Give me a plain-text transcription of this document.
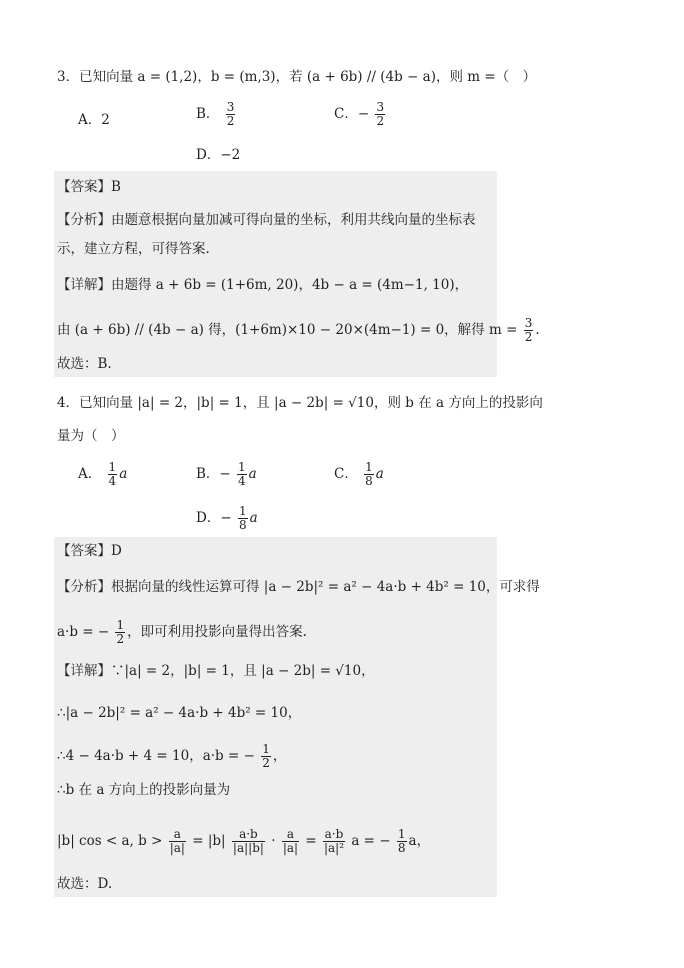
3．已知向量 a = (1,2)，b = (m,3)，若 (a + 6b) // (4b − a)，则 m =（　）
A．2	B． $\frac{3}{2}$	C．− $\frac{3}{2}$
D．−2
【答案】B
【分析】由题意根据向量加减可得向量的坐标，利用共线向量的坐标表
示，建立方程，可得答案.
【详解】由题得 a + 6b = (1+6m, 20)，4b − a = (4m−1, 10)，
由 (a + 6b) // (4b − a) 得，(1+6m)×10 − 20×(4m−1) = 0，解得 $m = \frac{3}{2}$ .
故选：B.
4．已知向量 |a| = 2，|b| = 1，且 |a − 2b| = √10，则 b 在 a 方向上的投影向
量为（　）
A． $\frac{1}{4}$ a	B．− $\frac{1}{4}$ a	C． $\frac{1}{8}$ a
D．− $\frac{1}{8}$ a
【答案】D
【分析】根据向量的线性运算可得 |a − 2b|² = a² − 4a·b + 4b² = 10，可求得
a·b = − $\frac{1}{2}$ ，即可利用投影向量得出答案.
【详解】∵|a| = 2，|b| = 1，且 |a − 2b| = √10，
∴|a − 2b|² = a² − 4a·b + 4b² = 10，
∴4 − 4a·b + 4 = 10，a·b = − $\frac{1}{2}$ ，
∴b 在 a 方向上的投影向量为
|b| cos < a, $b > \frac{a}{|a|} = |b| \frac{a\cdot b}{|a||b|} \cdot \frac{a}{|a|} = \frac{a\cdot b}{\text{|a|²}}$ a = − $\frac{1}{8}$ a，
故选：D.
